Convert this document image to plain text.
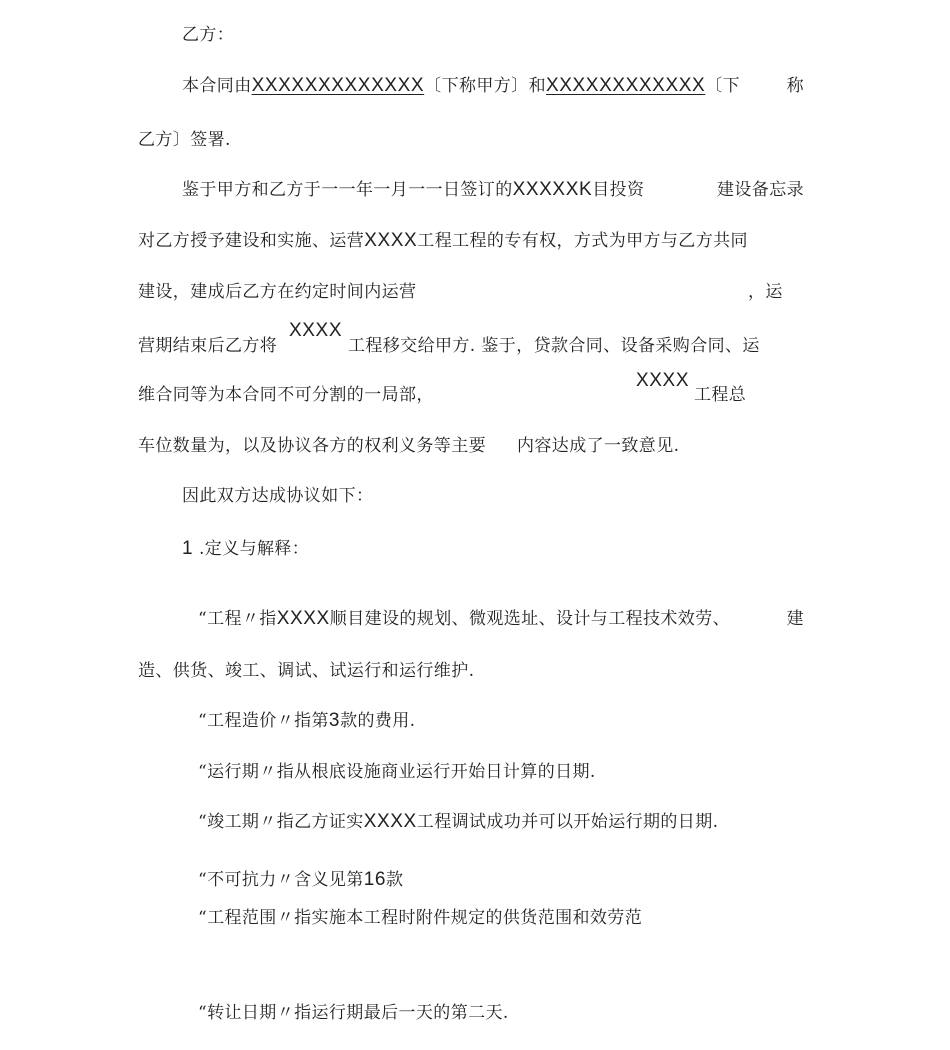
乙方：
本合同由XXXXXXXXXXXXX〔下称甲方〕和XXXXXXXXXXXX〔下	称
乙方〕签署.
鉴于甲方和乙方于一一年一月一一日签订的XXXXXK目投资	建设备忘录
对乙方授予建设和实施、运营XXXX工程工程的专有权，方式为甲方与乙方共同
建设，建成后乙方在约定时间内运营	，运
XXXX
营期结束后乙方将	工程移交给甲方. 鉴于，贷款合同、设备采购合同、运
维合同等为本合同不可分割的一局部，
XXXX
工程总
车位数量为，以及协议各方的权利义务等主要 内容达成了一致意见.
因此双方达成协议如下：
1 .定义与解释：
“工程〃指XXXX顺目建设的规划、微观选址、设计与工程技术效劳、	建
造、供货、竣工、调试、试运行和运行维护.
“工程造价〃指第3款的费用.
“运行期〃指从根底设施商业运行开始日计算的日期.
“竣工期〃指乙方证实XXXX工程调试成功并可以开始运行期的日期.
“不可抗力〃含义见第16款
“工程范围〃指实施本工程时附件规定的供货范围和效劳范
“转让日期〃指运行期最后一天的第二天.
